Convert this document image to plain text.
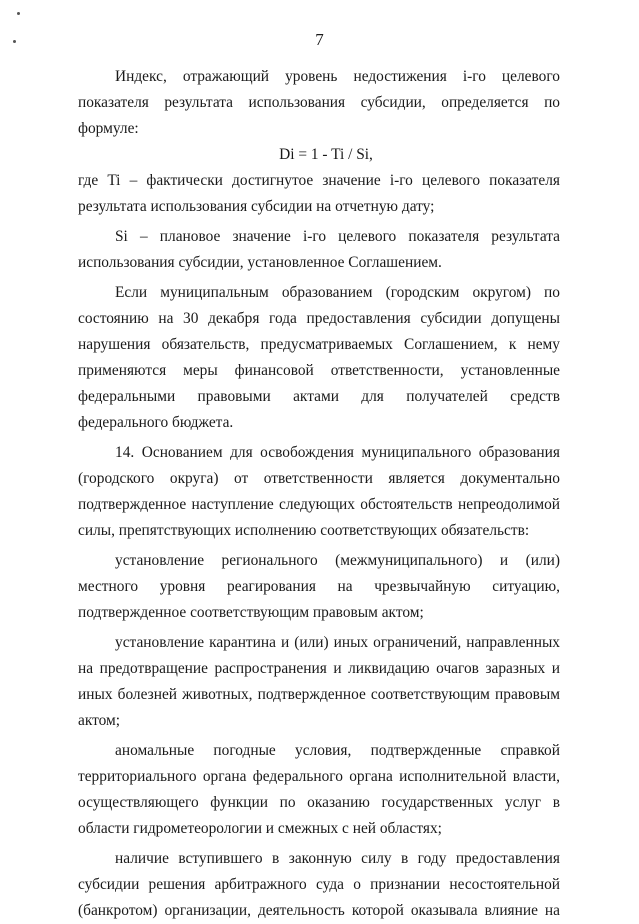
7

Индекс, отражающий уровень недостижения i-го целевого показателя результата использования субсидии, определяется по формуле:

Di = 1 - Ti / Si,

где Ti – фактически достигнутое значение i-го целевого показателя результата использования субсидии на отчетную дату;

Si – плановое значение i-го целевого показателя результата использования субсидии, установленное Соглашением.

Если муниципальным образованием (городским округом) по состоянию на 30 декабря года предоставления субсидии допущены нарушения обязательств, предусматриваемых Соглашением, к нему применяются меры финансовой ответственности, установленные федеральными правовыми актами для получателей средств федерального бюджета.

14. Основанием для освобождения муниципального образования (городского округа) от ответственности является документально подтвержденное наступление следующих обстоятельств непреодолимой силы, препятствующих исполнению соответствующих обязательств:

установление регионального (межмуниципального) и (или) местного уровня реагирования на чрезвычайную ситуацию, подтвержденное соответствующим правовым актом;

установление карантина и (или) иных ограничений, направленных на предотвращение распространения и ликвидацию очагов заразных и иных болезней животных, подтвержденное соответствующим правовым актом;

аномальные погодные условия, подтвержденные справкой территориального органа федерального органа исполнительной власти, осуществляющего функции по оказанию государственных услуг в области гидрометеорологии и смежных с ней областях;

наличие вступившего в законную силу в году предоставления субсидии решения арбитражного суда о признании несостоятельной (банкротом) организации, деятельность которой оказывала влияние на
